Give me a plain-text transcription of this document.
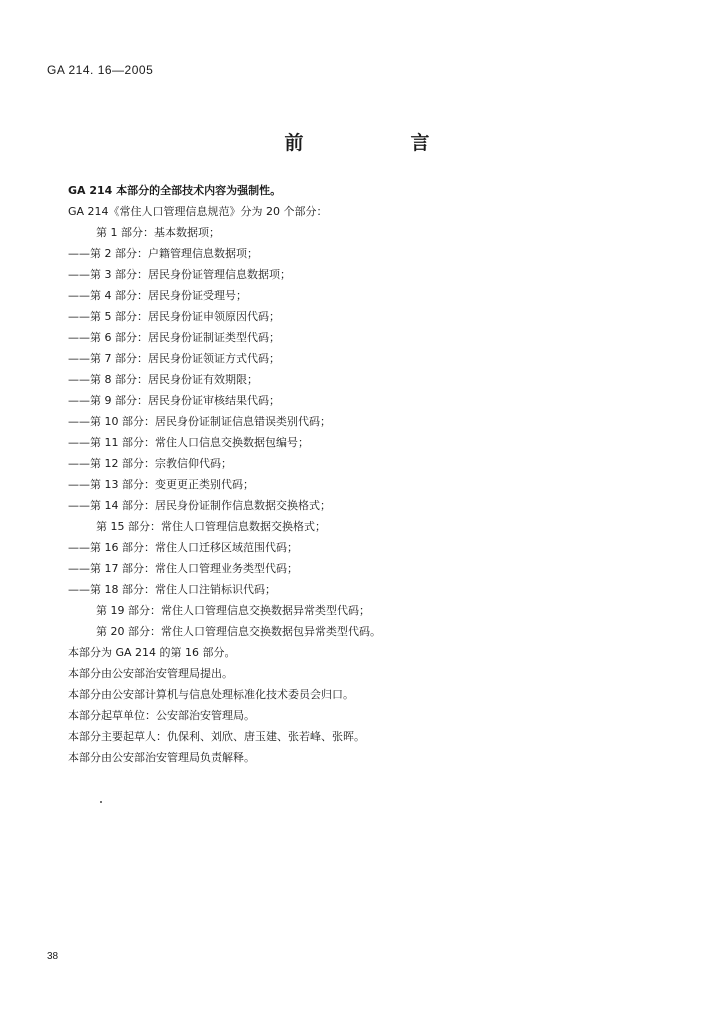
GA 214. 16—2005
前　言
GA 214 本部分的全部技术内容为强制性。
GA 214《常住人口管理信息规范》分为 20 个部分：
第 1 部分：基本数据项；
——第 2 部分：户籍管理信息数据项；
——第 3 部分：居民身份证管理信息数据项；
——第 4 部分：居民身份证受理号；
——第 5 部分：居民身份证申领原因代码；
——第 6 部分：居民身份证制证类型代码；
——第 7 部分：居民身份证领证方式代码；
——第 8 部分：居民身份证有效期限；
——第 9 部分：居民身份证审核结果代码；
——第 10 部分：居民身份证制证信息错误类别代码；
——第 11 部分：常住人口信息交换数据包编号；
——第 12 部分：宗教信仰代码；
——第 13 部分：变更更正类别代码；
——第 14 部分：居民身份证制作信息数据交换格式；
第 15 部分：常住人口管理信息数据交换格式；
——第 16 部分：常住人口迁移区域范围代码；
——第 17 部分：常住人口管理业务类型代码；
——第 18 部分：常住人口注销标识代码；
第 19 部分：常住人口管理信息交换数据异常类型代码；
第 20 部分：常住人口管理信息交换数据包异常类型代码。
本部分为 GA 214 的第 16 部分。
本部分由公安部治安管理局提出。
本部分由公安部计算机与信息处理标准化技术委员会归口。
本部分起草单位：公安部治安管理局。
本部分主要起草人：仇保利、刘欣、唐玉建、张若峰、张晖。
本部分由公安部治安管理局负责解释。
38
